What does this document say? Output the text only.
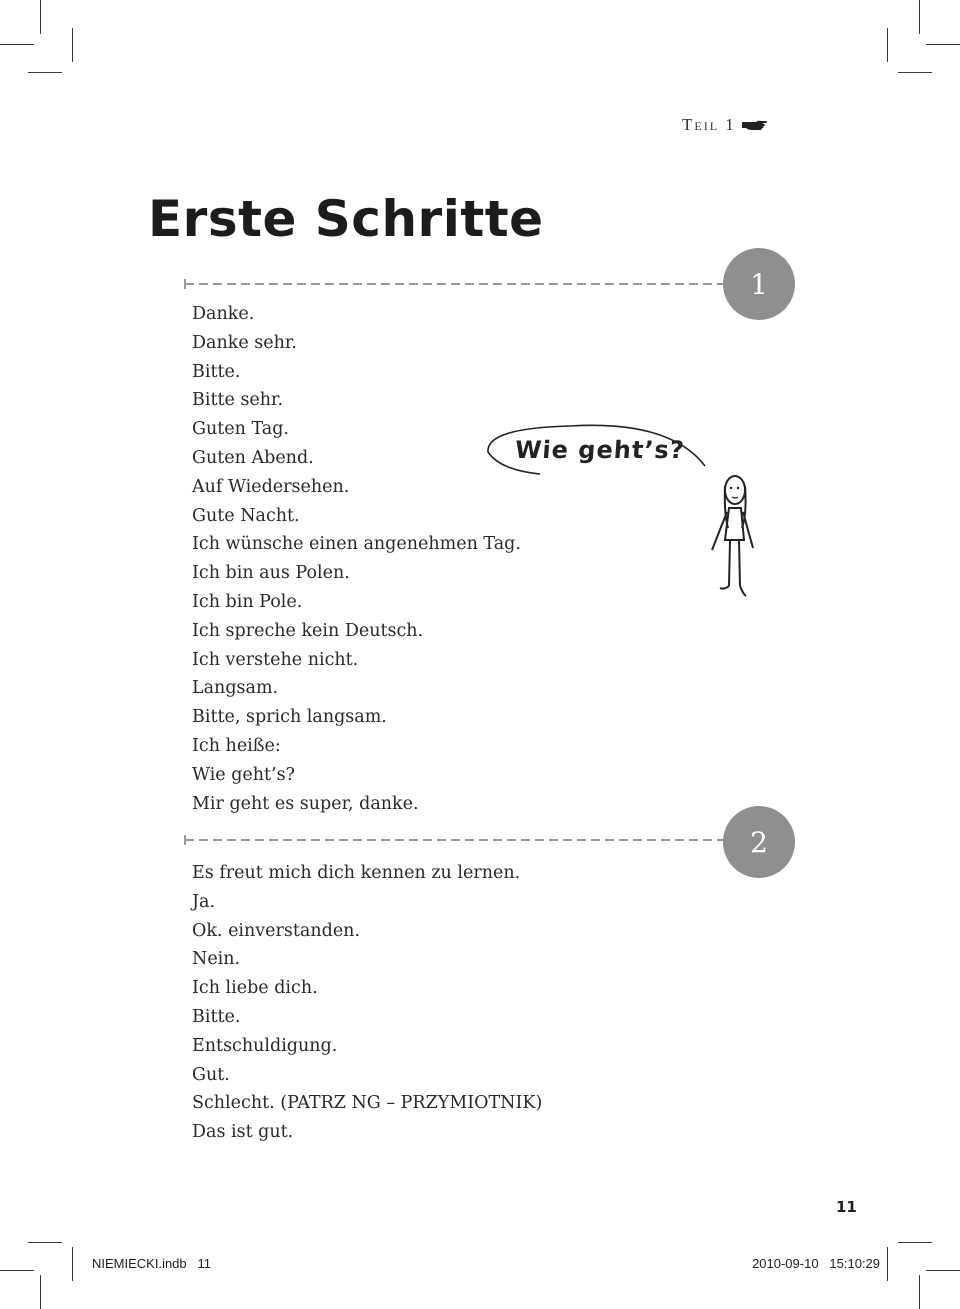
Teil 1
Erste Schritte
1
Danke.
Danke sehr.
Bitte.
Bitte sehr.
Guten Tag.
Guten Abend.
Auf Wiedersehen.
Gute Nacht.
Ich wünsche einen angenehmen Tag.
Ich bin aus Polen.
Ich bin Pole.
Ich spreche kein Deutsch.
Ich verstehe nicht.
Langsam.
Bitte, sprich langsam.
Ich heiße:
Wie geht’s?
Mir geht es super, danke.
Wie geht’s?
2
Es freut mich dich kennen zu lernen.
Ja.
Ok. einverstanden.
Nein.
Ich liebe dich.
Bitte.
Entschuldigung.
Gut.
Schlecht. (PATRZ NG – PRZYMIOTNIK)
Das ist gut.
11
NIEMIECKI.indb   11	2010-09-10   15:10:29
